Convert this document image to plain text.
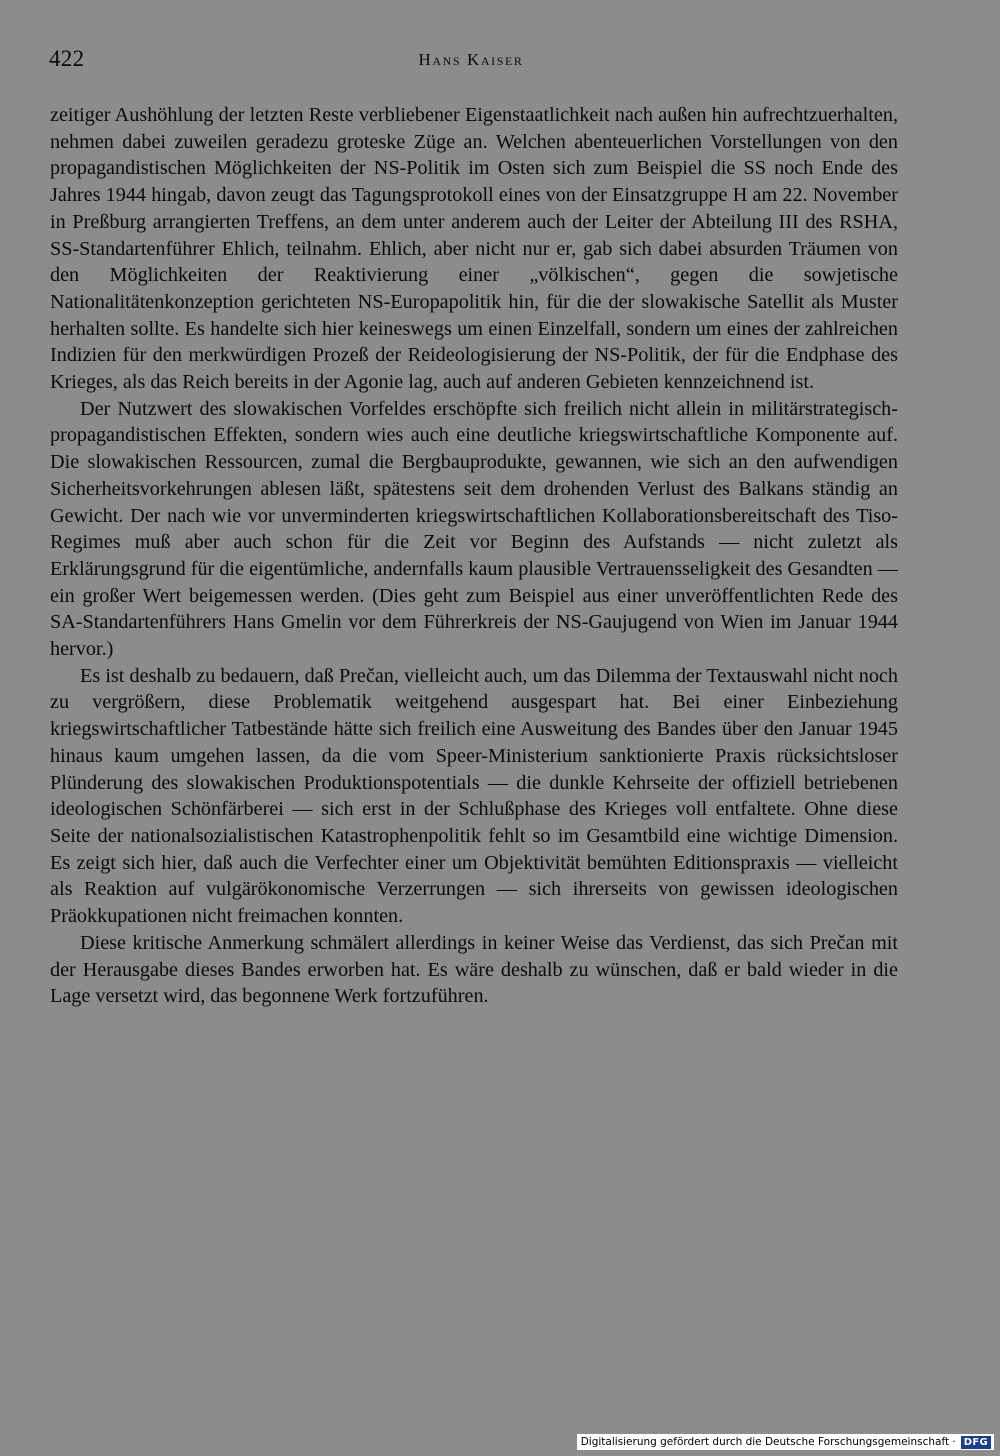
422	Hans Kaiser

zeitiger Aushöhlung der letzten Reste verbliebener Eigenstaatlichkeit nach außen hin aufrechtzuerhalten, nehmen dabei zuweilen geradezu groteske Züge an. Welchen abenteuerlichen Vorstellungen von den propagandistischen Möglichkeiten der NS-Politik im Osten sich zum Beispiel die SS noch Ende des Jahres 1944 hingab, davon zeugt das Tagungsprotokoll eines von der Einsatzgruppe H am 22. November in Preßburg arrangierten Treffens, an dem unter anderem auch der Leiter der Abteilung III des RSHA, SS-Standartenführer Ehlich, teilnahm. Ehlich, aber nicht nur er, gab sich dabei absurden Träumen von den Möglichkeiten der Reaktivierung einer „völkischen“, gegen die sowjetische Nationalitätenkonzeption gerichteten NS-Europapolitik hin, für die der slowakische Satellit als Muster herhalten sollte. Es handelte sich hier keineswegs um einen Einzelfall, sondern um eines der zahlreichen Indizien für den merkwürdigen Prozeß der Reideologisierung der NS-Politik, der für die Endphase des Krieges, als das Reich bereits in der Agonie lag, auch auf anderen Gebieten kennzeichnend ist.

Der Nutzwert des slowakischen Vorfeldes erschöpfte sich freilich nicht allein in militärstrategisch-propagandistischen Effekten, sondern wies auch eine deutliche kriegswirtschaftliche Komponente auf. Die slowakischen Ressourcen, zumal die Bergbauprodukte, gewannen, wie sich an den aufwendigen Sicherheitsvorkehrungen ablesen läßt, spätestens seit dem drohenden Verlust des Balkans ständig an Gewicht. Der nach wie vor unverminderten kriegswirtschaftlichen Kollaborationsbereitschaft des Tiso-Regimes muß aber auch schon für die Zeit vor Beginn des Aufstands — nicht zuletzt als Erklärungsgrund für die eigentümliche, andernfalls kaum plausible Vertrauensseligkeit des Gesandten — ein großer Wert beigemessen werden. (Dies geht zum Beispiel aus einer unveröffentlichten Rede des SA-Standartenführers Hans Gmelin vor dem Führerkreis der NS-Gaujugend von Wien im Januar 1944 hervor.)

Es ist deshalb zu bedauern, daß Prečan, vielleicht auch, um das Dilemma der Textauswahl nicht noch zu vergrößern, diese Problematik weitgehend ausgespart hat. Bei einer Einbeziehung kriegswirtschaftlicher Tatbestände hätte sich freilich eine Ausweitung des Bandes über den Januar 1945 hinaus kaum umgehen lassen, da die vom Speer-Ministerium sanktionierte Praxis rücksichtsloser Plünderung des slowakischen Produktionspotentials — die dunkle Kehrseite der offiziell betriebenen ideologischen Schönfärberei — sich erst in der Schlußphase des Krieges voll entfaltete. Ohne diese Seite der nationalsozialistischen Katastrophenpolitik fehlt so im Gesamtbild eine wichtige Dimension. Es zeigt sich hier, daß auch die Verfechter einer um Objektivität bemühten Editionspraxis — vielleicht als Reaktion auf vulgärökonomische Verzerrungen — sich ihrerseits von gewissen ideologischen Präokkupationen nicht freimachen konnten.

Diese kritische Anmerkung schmälert allerdings in keiner Weise das Verdienst, das sich Prečan mit der Herausgabe dieses Bandes erworben hat. Es wäre deshalb zu wünschen, daß er bald wieder in die Lage versetzt wird, das begonnene Werk fortzuführen.

Digitalisierung gefördert durch die Deutsche Forschungsgemeinschaft · DFG
